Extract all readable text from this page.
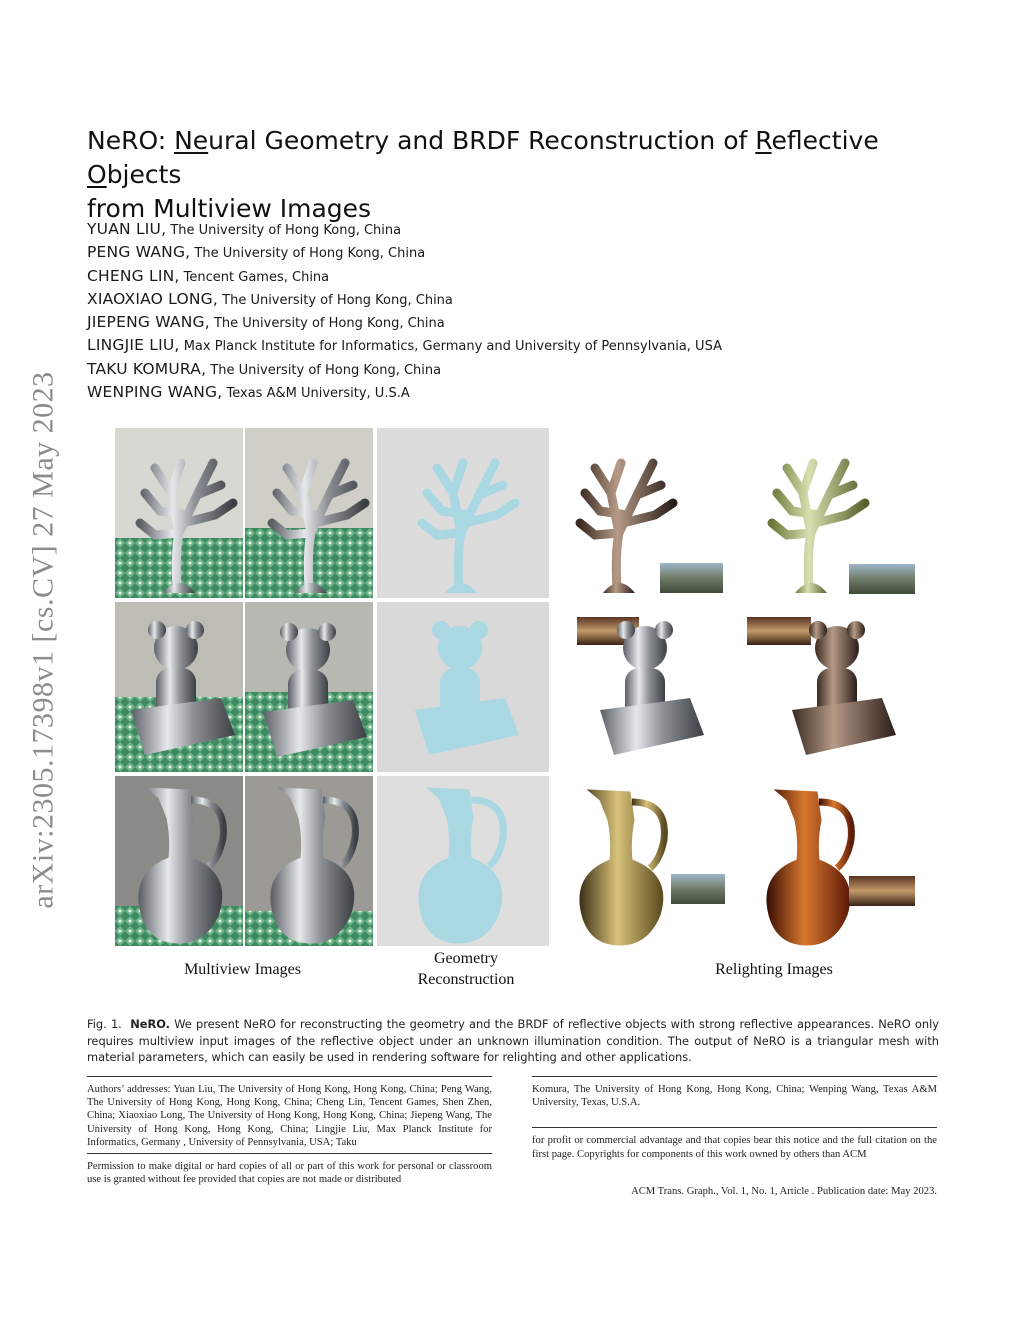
arXiv:2305.17398v1 [cs.CV] 27 May 2023
NeRO: Neural Geometry and BRDF Reconstruction of Reflective Objects
from Multiview Images
YUAN LIU, The University of Hong Kong, China
PENG WANG, The University of Hong Kong, China
CHENG LIN, Tencent Games, China
XIAOXIAO LONG, The University of Hong Kong, China
JIEPENG WANG, The University of Hong Kong, China
LINGJIE LIU, Max Planck Institute for Informatics, Germany and University of Pennsylvania, USA
TAKU KOMURA, The University of Hong Kong, China
WENPING WANG, Texas A&M University, U.S.A
Multiview Images
Geometry
Reconstruction
Relighting Images
Fig. 1. NeRO. We present NeRO for reconstructing the geometry and the BRDF of reflective objects with strong reflective appearances. NeRO only requires multiview input images of the reflective object under an unknown illumination condition. The output of NeRO is a triangular mesh with material parameters, which can easily be used in rendering software for relighting and other applications.
Authors’ addresses: Yuan Liu, The University of Hong Kong, Hong Kong, China; Peng Wang, The University of Hong Kong, Hong Kong, China; Cheng Lin, Tencent Games, Shen Zhen, China; Xiaoxiao Long, The University of Hong Kong, Hong Kong, China; Jiepeng Wang, The University of Hong Kong, Hong Kong, China; Lingjie Liu, Max Planck Institute for Informatics, Germany , University of Pennsylvania, USA; Taku
Permission to make digital or hard copies of all or part of this work for personal or classroom use is granted without fee provided that copies are not made or distributed
Komura, The University of Hong Kong, Hong Kong, China; Wenping Wang, Texas A&M University, Texas, U.S.A.
for profit or commercial advantage and that copies bear this notice and the full citation on the first page. Copyrights for components of this work owned by others than ACM
ACM Trans. Graph., Vol. 1, No. 1, Article . Publication date: May 2023.
